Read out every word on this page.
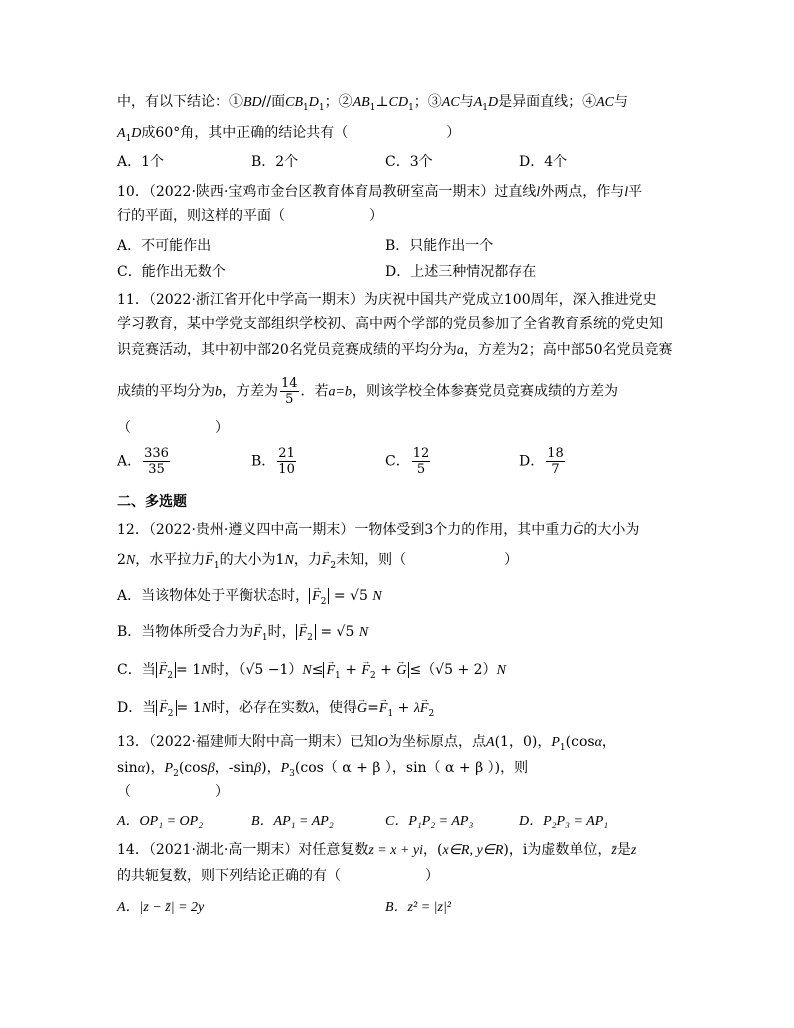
中，有以下结论：①BD//面$CB_1D_1$；$②AB_1\perp CD_1$；③AC与$A_1D$是异面直线；④AC与
$A_1D$成60°角，其中正确的结论共有（　　　　　　　）
A．1个	B．2个	C．3个	D．4个
10．（2022·陕西·宝鸡市金台区教育体育局教研室高一期末）过直线l外两点，作与l平
行的平面，则这样的平面（　　　　　　）
A．不可能作出	B．只能作出一个
C．能作出无数个	D．上述三种情况都存在
11．（2022·浙江省开化中学高一期末）为庆祝中国共产党成立100周年，深入推进党史
学习教育，某中学党支部组织学校初、高中两个学部的党员参加了全省教育系统的党史知
识竞赛活动，其中初中部20名党员竞赛成绩的平均分为a，方差为2；高中部50名党员竞赛
成绩的平均分为b，方差为 $\frac{14}{5}$ ．若a=b，则该学校全体参赛党员竞赛成绩的方差为
（　　　　　　）
A． $\frac{336}{35}$	B． $\frac{21}{10}$	C． $\frac{12}{5}$	D． $\frac{18}{7}$
二、多选题
12．（2022·贵州·遵义四中高一期末）一物体受到3个力的作用，其中重力→ G的大小为
2N，水平拉力→ $F_1$的大小为1N，力→ $F_2$未知，则（　　　　　　　）
A．当该物体处于平衡状态时， → $F_2 = √5$ N
B．当物体所受合力为→ $F_1$时， → $F_2 = √5$ N
C．当 → $F_2 = 1N$时，$(√5 -1)N\le \to F_1$ + → $F_2$ + → G ≤（√5 + 2）N
D．当 → $F_2 = 1N$时，必存在实数λ，使得→ $G=\to F_1 + \lambda\to F_2$
13．（2022·福建师大附中高一期末）已知O为坐标原点，点A(1，0)，$P_1(\cos\alpha$，
sinα)，$P_2(\cos\beta$，-sinβ)，$P_3(\cos$（ α + β ），sin（ α + β ）)，则
（　　　　　　）
A．OP₁ = OP₂	B．AP₁ = AP₂	C．P₁P₂ = AP₃	D．P₂P₃ = AP₁
14．（2021·湖北·高一期末）对任意复数z = x + yi，(x∈R, y∈R)，i为虚数单位，z̄是z
的共轭复数，则下列结论正确的有（　　　　　　）
A．|z − z̄| = 2y	B．z² = |z|²
